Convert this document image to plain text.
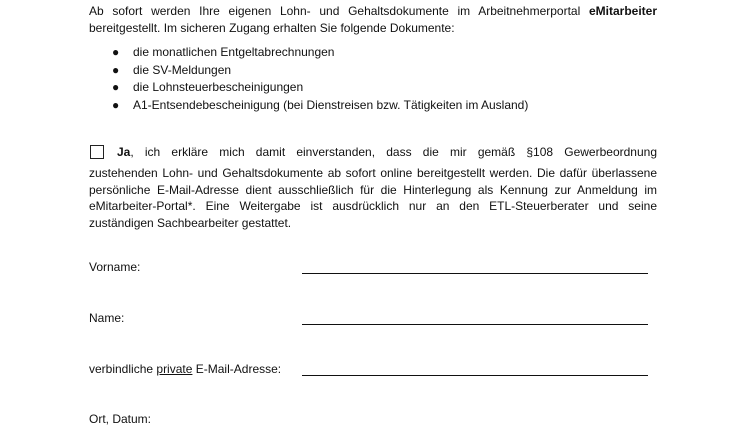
Ab sofort werden Ihre eigenen Lohn- und Gehaltsdokumente im Arbeitnehmerportal eMitarbeiter bereitgestellt. Im sicheren Zugang erhalten Sie folgende Dokumente:

● die monatlichen Entgeltabrechnungen
● die SV-Meldungen
● die Lohnsteuerbescheinigungen
● A1-Entsendebescheinigung (bei Dienstreisen bzw. Tätigkeiten im Ausland)

Ja, ich erkläre mich damit einverstanden, dass die mir gemäß §108 Gewerbeordnung

zustehenden Lohn- und Gehaltsdokumente ab sofort online bereitgestellt werden. Die dafür überlassene persönliche E-Mail-Adresse dient ausschließlich für die Hinterlegung als Kennung zur Anmeldung im eMitarbeiter-Portal*. Eine Weitergabe ist ausdrücklich nur an den ETL-Steuerberater und seine zuständigen Sachbearbeiter gestattet.

Vorname:
Name:
verbindliche private E-Mail-Adresse:
Ort, Datum:
